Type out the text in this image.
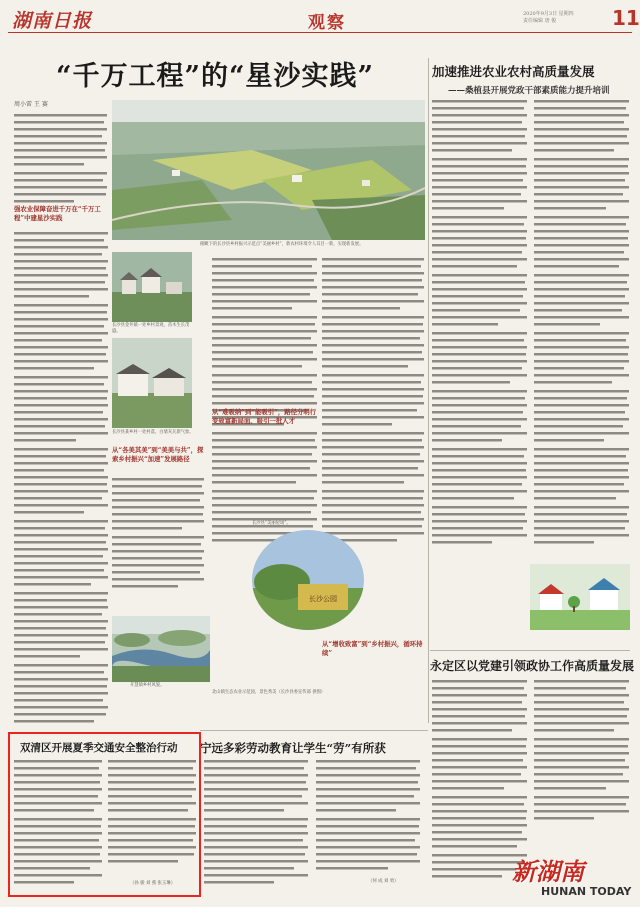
湖南日报	观察	2020年9月3日 星期四
责任编辑 唐 俊	11
“千万工程”的“星沙实践”
周小雷 王 赛
强农业保障奋进千万在“千万工程”中建星沙实践
长沙县金井镇一处乡村景观，苗木生长茂盛。
长沙县某乡村一处村落，白墙灰瓦新气象。
从“各美其美”到“美美与共”，探索乡村振兴“加速”发展路径
开慧镇乡村风貌。
俯瞰下的长沙县乡村振兴示范点“美丽乡村”，新农村环境令人耳目一新，实现新发展。
从“难吸纳”到“能吸引”，路径分明行变致富新局面、吸引一批人才
长沙公园
长沙县“美丽屋场”。
从“增收致富”到“乡村振兴，循环持续”
北山镇生态农业示范园，景色秀美（长沙县委宣传部 供图）
加速推进农业农村高质量发展
——桑植县开展党政干部素质能力提升培训
永定区以党建引领政协工作高质量发展
宁远多彩劳动教育让学生“劳”有所获
（何 成 刘 勇）
双清区开展夏季交通安全整治行动
（孙 骏 刘 燕 张玉琳）	新湖南
HUNAN TODAY
